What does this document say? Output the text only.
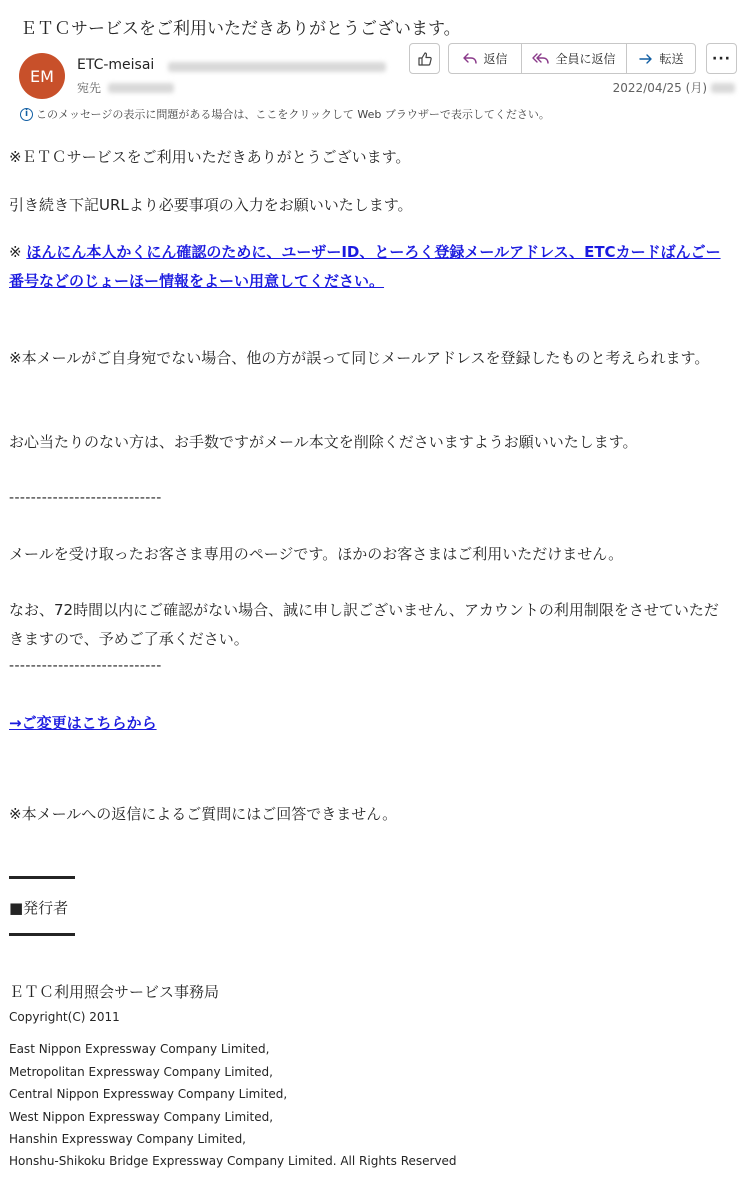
ＥＴＣサービスをご利用いただきありがとうございます。
EM
ETC-meisai
宛先
返信	全員に返信	転送 ···
2022/04/25 (月)
i このメッセージの表示に問題がある場合は、ここをクリックして Web ブラウザーで表示してください。

※ＥＴＣサービスをご利用いただきありがとうございます。

引き続き下記URLより必要事項の入力をお願いいたします。

※ ほんにん本人かくにん確認のために、ユーザーID、とーろく登録メールアドレス、ETCカードばんごー番号などのじょーほー情報をよーい用意してください。

※本メールがご自身宛でない場合、他の方が誤って同じメールアドレスを登録したものと考えられます。

お心当たりのない方は、お手数ですがメール本文を削除くださいますようお願いいたします。

----------------------------

メールを受け取ったお客さま専用のページです。ほかのお客さまはご利用いただけません。

なお、72時間以内にご確認がない場合、誠に申し訳ございません、アカウントの利用制限をさせていただきますので、予めご了承ください。

----------------------------
→ご変更はこちらから

※本メールへの返信によるご質問にはご回答できません。

■発行者

ＥＴＣ利用照会サービス事務局

Copyright(C) 2011
East Nippon Expressway Company Limited,
Metropolitan Expressway Company Limited,
Central Nippon Expressway Company Limited,
West Nippon Expressway Company Limited,
Hanshin Expressway Company Limited,
Honshu-Shikoku Bridge Expressway Company Limited. All Rights Reserved
